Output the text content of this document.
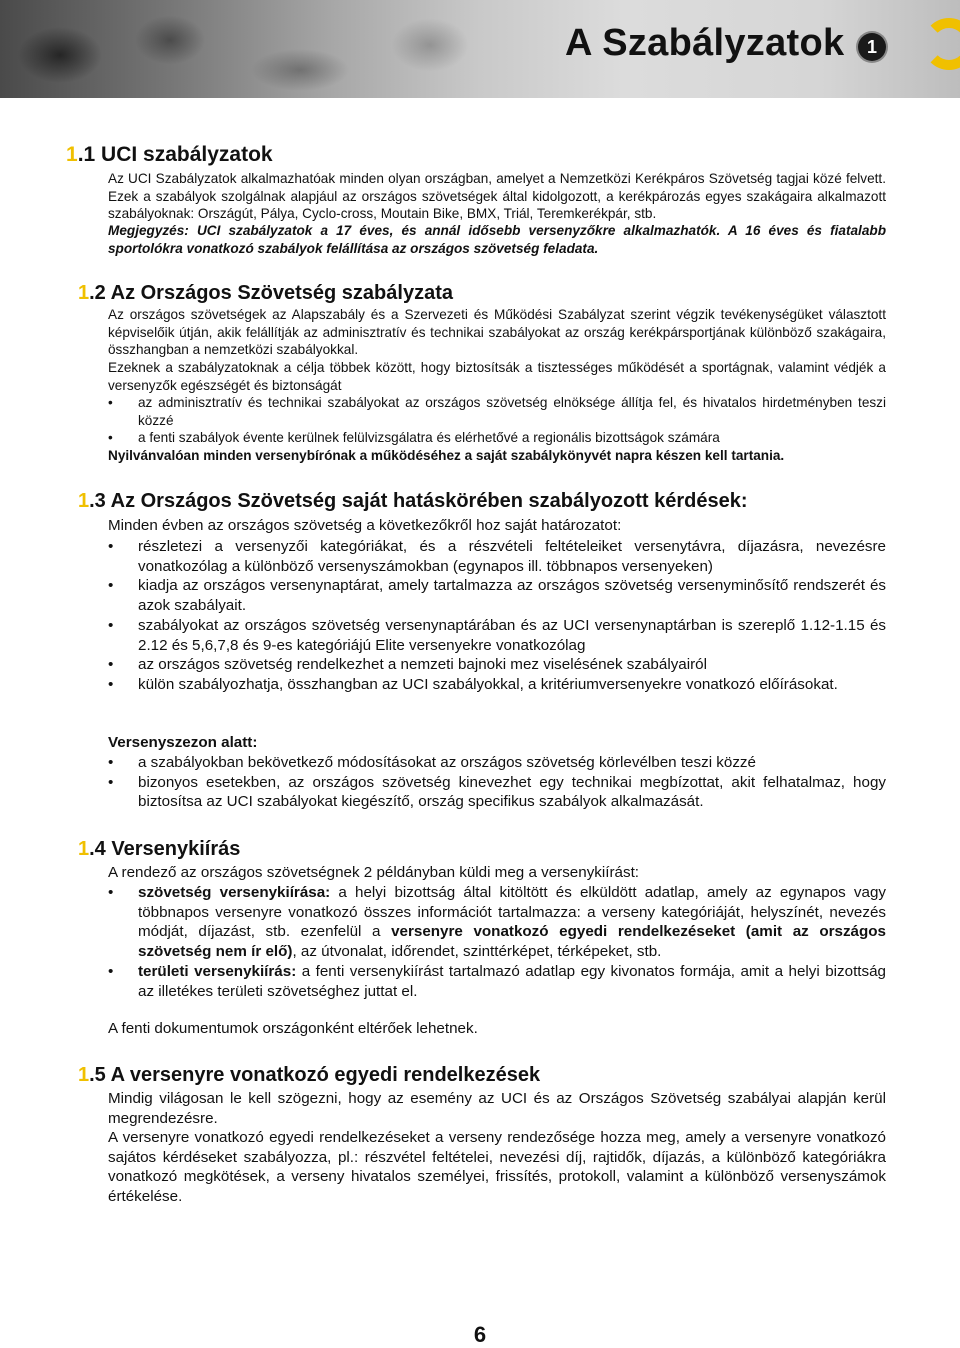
A Szabályzatok	1
1.1 UCI szabályzatok

Az UCI Szabályzatok alkalmazhatóak minden olyan országban, amelyet a Nemzetközi Kerékpáros Szövetség tagjai közé felvett. Ezek a szabályok szolgálnak alapjául az országos szövetségek által kidolgozott, a kerékpározás egyes szakágaira alkalmazott szabályoknak: Országút, Pálya, Cyclo-cross, Moutain Bike, BMX, Triál, Teremkerékpár, stb.

Megjegyzés: UCI szabályzatok a 17 éves, és annál idősebb versenyzőkre alkalmazhatók. A 16 éves és fiatalabb sportolókra vonatkozó szabályok felállítása az országos szövetség feladata.

1.2 Az Országos Szövetség szabályzata

Az országos szövetségek az Alapszabály és a Szervezeti és Működési Szabályzat szerint végzik tevékenységüket választott képviselőik útján, akik felállítják az adminisztratív és technikai szabályokat az ország kerékpársportjának különböző szakágaira, összhangban a nemzetközi szabályokkal.

Ezeknek a szabályzatoknak a célja többek között, hogy biztosítsák a tisztességes működését a sportágnak, valamint védjék a versenyzők egészségét és biztonságát

• az adminisztratív és technikai szabályokat az országos szövetség elnöksége állítja fel, és hivatalos hirdetményben teszi közzé
• a fenti szabályok évente kerülnek felülvizsgálatra és elérhetővé a regionális bizottságok számára

Nyilvánvalóan minden versenybírónak a működéséhez a saját szabálykönyvét napra készen kell tartania.

1.3 Az Országos Szövetség saját hatáskörében szabályozott kérdések:

Minden évben az országos szövetség a következőkről hoz saját határozatot:

• részletezi a versenyzői kategóriákat, és a részvételi feltételeiket versenytávra, díjazásra, nevezésre vonatkozólag a különböző versenyszámokban (egynapos ill. többnapos versenyeken)
• kiadja az országos versenynaptárat, amely tartalmazza az országos szövetség versenyminősítő rendszerét és azok szabályait.
• szabályokat az országos szövetség versenynaptárában és az UCI versenynaptárban is szereplő 1.12-1.15 és 2.12 és 5,6,7,8 és 9-es kategóriájú Elite versenyekre vonatkozólag
• az országos szövetség rendelkezhet a nemzeti bajnoki mez viselésének szabályairól
• külön szabályozhatja, összhangban az UCI szabályokkal, a kritériumversenyekre vonatkozó előírásokat.

Versenyszezon alatt:

• a szabályokban bekövetkező módosításokat az országos szövetség körlevélben teszi közzé
• bizonyos esetekben, az országos szövetség kinevezhet egy technikai megbízottat, akit felhatalmaz, hogy biztosítsa az UCI szabályokat kiegészítő, ország specifikus szabályok alkalmazását.
1.4 Versenykiírás

A rendező az országos szövetségnek 2 példányban küldi meg a versenykiírást:

• szövetség versenykiírása: a helyi bizottság által kitöltött és elküldött adatlap, amely az egynapos vagy többnapos versenyre vonatkozó összes információt tartalmazza: a verseny kategóriáját, helyszínét, nevezés módját, díjazást, stb. ezenfelül a versenyre vonatkozó egyedi rendelkezéseket (amit az országos szövetség nem ír elő), az útvonalat, időrendet, szinttérképet, térképeket, stb.
• területi versenykiírás: a fenti versenykiírást tartalmazó adatlap egy kivonatos formája, amit a helyi bizottság az illetékes területi szövetséghez juttat el.

A fenti dokumentumok országonként eltérőek lehetnek.

1.5 A versenyre vonatkozó egyedi rendelkezések

Mindig világosan le kell szögezni, hogy az esemény az UCI és az Országos Szövetség szabályai alapján kerül megrendezésre.

A versenyre vonatkozó egyedi rendelkezéseket a verseny rendezősége hozza meg, amely a versenyre vonatkozó sajátos kérdéseket szabályozza, pl.: részvétel feltételei, nevezési díj, rajtidők, díjazás, a különböző kategóriákra vonatkozó megkötések, a verseny hivatalos személyei, frissítés, protokoll, valamint a különböző versenyszámok értékelése.

6
